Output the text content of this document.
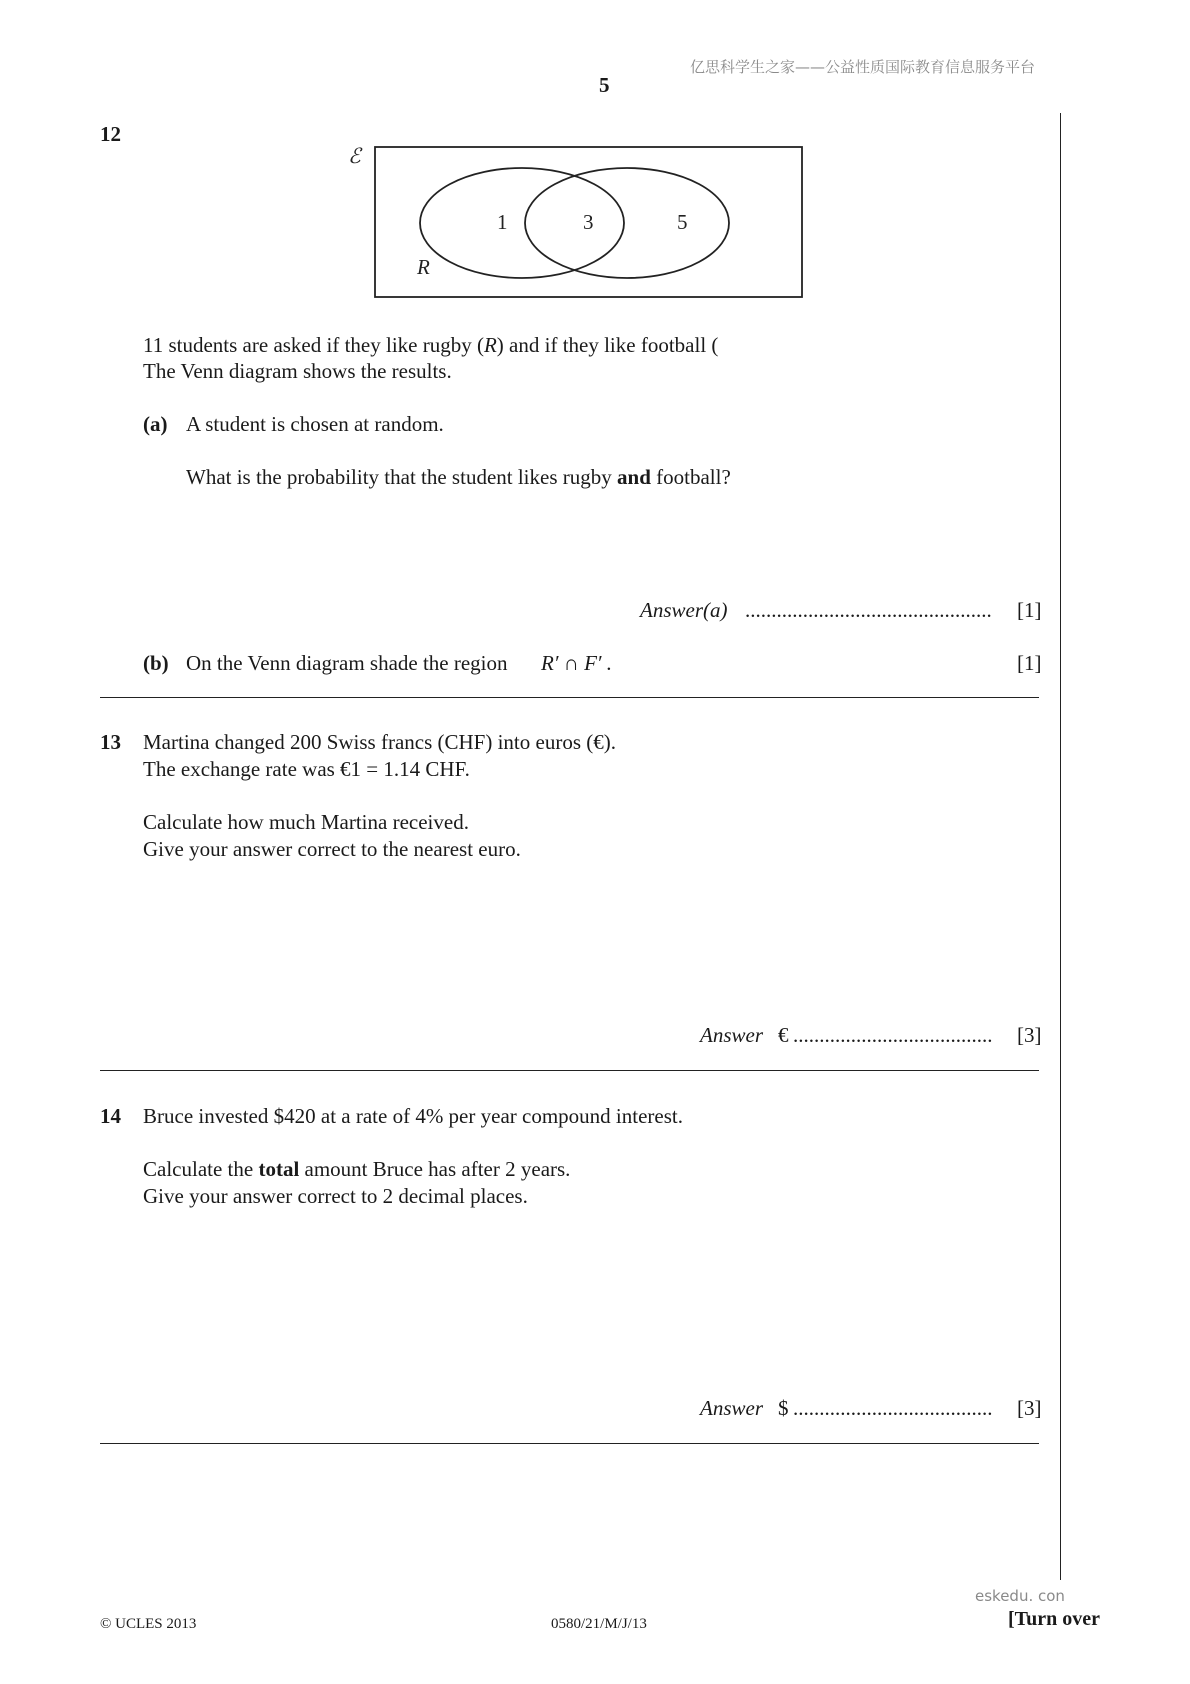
亿思科学生之家——公益性质国际教育信息服务平台
5
12
ℰ
1	3	5
R
11 students are asked if they like rugby (R) and if they like football (
The Venn diagram shows the results.
(a) A student is chosen at random.
What is the probability that the student likes rugby and football?
Answer(a) ............................................... [1]
(b) On the Venn diagram shade the region R′ ∩ F′ .	[1]
13 Martina changed 200 Swiss francs (CHF) into euros (€).
The exchange rate was €1 = 1.14 CHF.
Calculate how much Martina received.
Give your answer correct to the nearest euro.
Answer € ...................................... [3]
14 Bruce invested $420 at a rate of 4% per year compound interest.
Calculate the total amount Bruce has after 2 years.
Give your answer correct to 2 decimal places.
Answer $ ...................................... [3]
eskedu. con
© UCLES 2013	0580/21/M/J/13	[Turn over
